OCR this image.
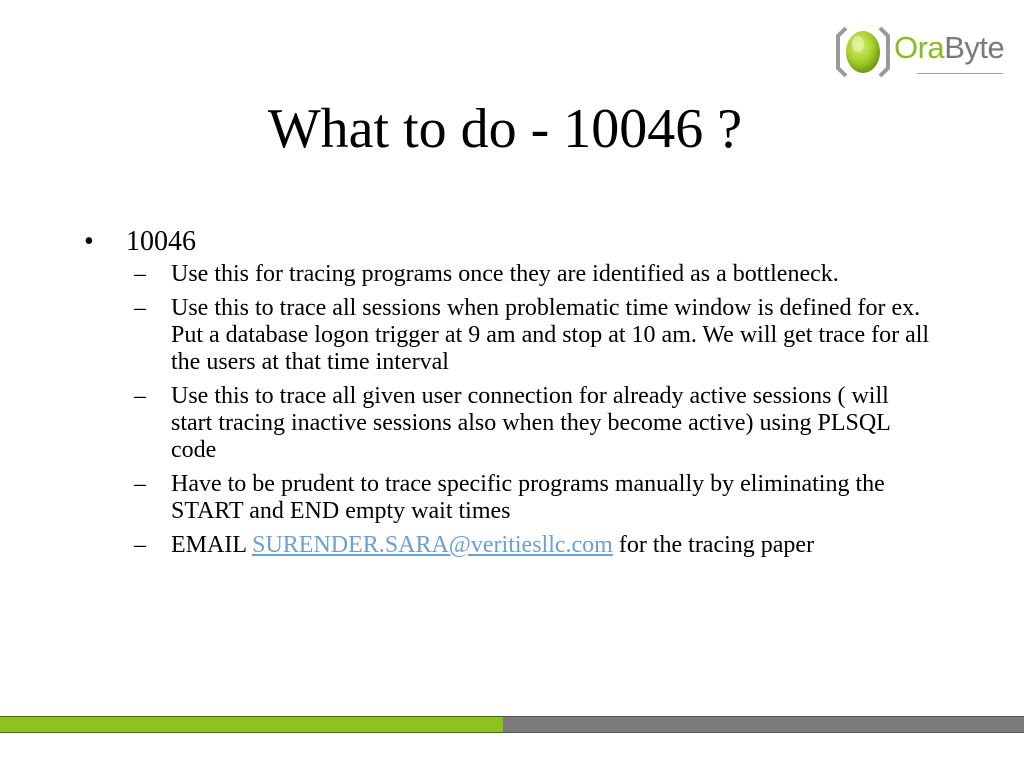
OraByte
What to do - 10046 ?
•	10046
–	Use this for tracing programs once they are identified as a bottleneck.
–	Use this to trace all sessions when problematic time window is defined for ex. Put a database logon trigger at 9 am and stop at 10 am. We will get trace for all the users at that time interval
–	Use this to trace all given user connection for already active sessions ( will start tracing inactive sessions also when they become active) using PLSQL code
–	Have to be prudent to trace specific programs manually by eliminating the START and END empty wait times
–	EMAIL SURENDER.SARA@veritiesllc.com for the tracing paper
